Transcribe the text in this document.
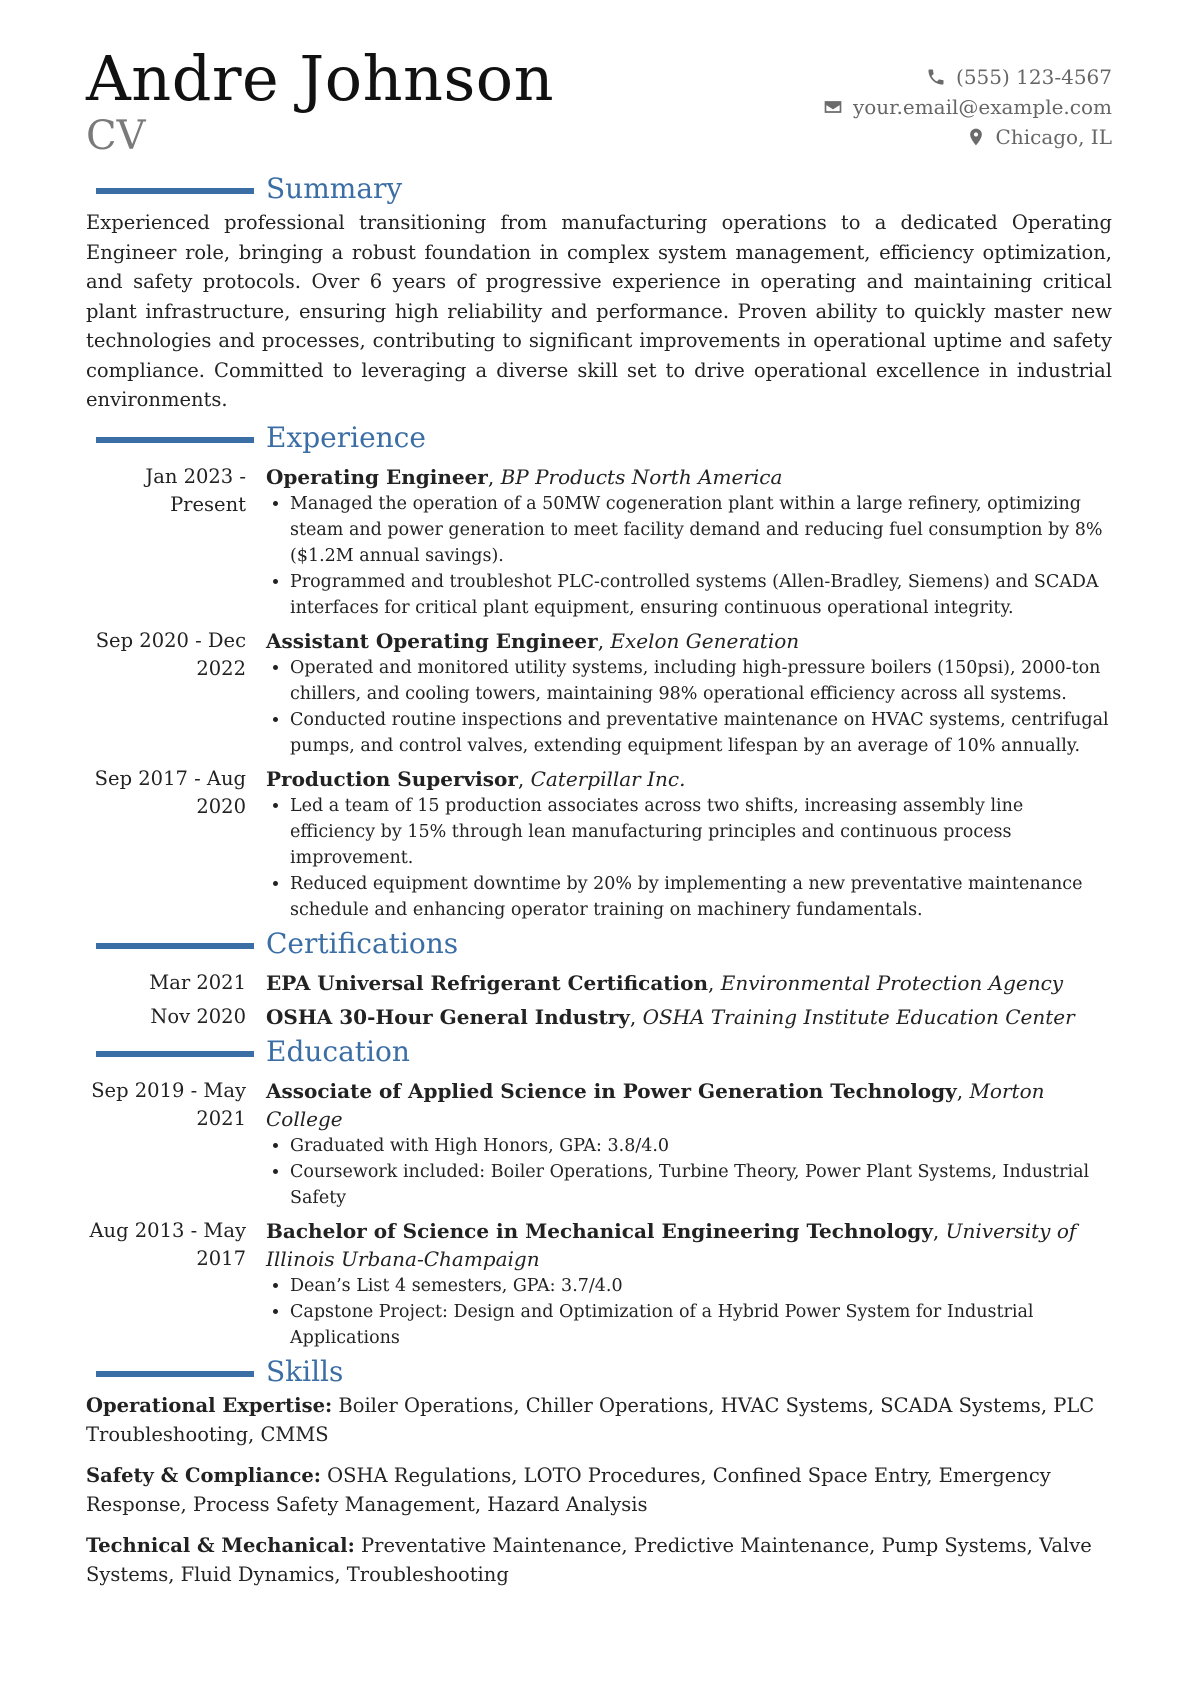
Andre Johnson
CV
(555) 123-4567
your.email@example.com
Chicago, IL
Summary

Experienced professional transitioning from manufacturing operations to a dedicated Operating Engineer role, bringing a robust foundation in complex system management, efficiency optimization, and safety protocols. Over 6 years of progressive experience in operating and maintaining critical plant infrastructure, ensuring high reliability and performance. Proven ability to quickly master new technologies and processes, contributing to significant improvements in operational uptime and safety compliance. Committed to leveraging a diverse skill set to drive operational excellence in industrial environments.

Experience
Jan 2023 - Present
Operating Engineer, BP Products North America
• Managed the operation of a 50MW cogeneration plant within a large refinery, optimizing steam and power generation to meet facility demand and reducing fuel consumption by 8% ($1.2M annual savings).
• Programmed and troubleshot PLC-controlled systems (Allen-Bradley, Siemens) and SCADA interfaces for critical plant equipment, ensuring continuous operational integrity.
Sep 2020 - Dec 2022
Assistant Operating Engineer, Exelon Generation
• Operated and monitored utility systems, including high-pressure boilers (150psi), 2000-ton chillers, and cooling towers, maintaining 98% operational efficiency across all systems.
• Conducted routine inspections and preventative maintenance on HVAC systems, centrifugal pumps, and control valves, extending equipment lifespan by an average of 10% annually.
Sep 2017 - Aug 2020
Production Supervisor, Caterpillar Inc.
• Led a team of 15 production associates across two shifts, increasing assembly line efficiency by 15% through lean manufacturing principles and continuous process improvement.
• Reduced equipment downtime by 20% by implementing a new preventative maintenance schedule and enhancing operator training on machinery fundamentals.
Certifications
Mar 2021	EPA Universal Refrigerant Certification, Environmental Protection Agency
Nov 2020	OSHA 30-Hour General Industry, OSHA Training Institute Education Center
Education
Sep 2019 - May 2021
Associate of Applied Science in Power Generation Technology, Morton College
• Graduated with High Honors, GPA: 3.8/4.0
• Coursework included: Boiler Operations, Turbine Theory, Power Plant Systems, Industrial Safety
Aug 2013 - May 2017
Bachelor of Science in Mechanical Engineering Technology, University of Illinois Urbana-Champaign
• Dean’s List 4 semesters, GPA: 3.7/4.0
• Capstone Project: Design and Optimization of a Hybrid Power System for Industrial Applications
Skills

Operational Expertise: Boiler Operations, Chiller Operations, HVAC Systems, SCADA Systems, PLC Troubleshooting, CMMS

Safety & Compliance: OSHA Regulations, LOTO Procedures, Confined Space Entry, Emergency Response, Process Safety Management, Hazard Analysis

Technical & Mechanical: Preventative Maintenance, Predictive Maintenance, Pump Systems, Valve Systems, Fluid Dynamics, Troubleshooting
